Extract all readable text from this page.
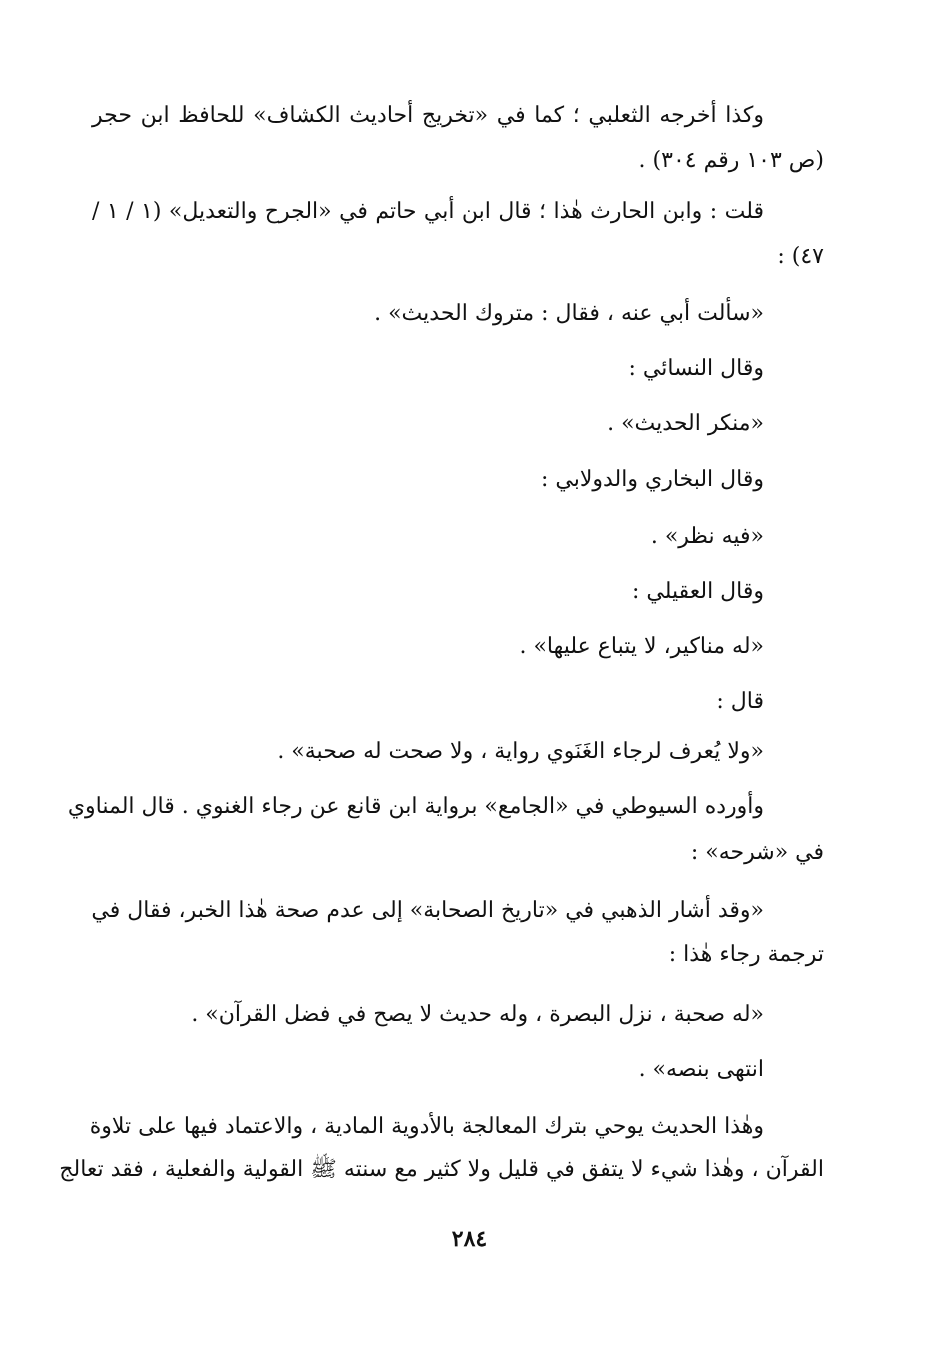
وكذا أخرجه الثعلبي ؛ كما في «تخريج أحاديث الكشاف» للحافظ ابن حجر
(ص ١٠٣ رقم ٣٠٤) .
قلت : وابن الحارث هٰذا ؛ قال ابن أبي حاتم في «الجرح والتعديل» (١ / ١ /
٤٧) :
«سألت أبي عنه ، فقال : متروك الحديث» .
وقال النسائي :
«منكر الحديث» .
وقال البخاري والدولابي :
«فيه نظر» .
وقال العقيلي :
«له مناكير، لا يتباع عليها» .
قال :
«ولا يُعرف لرجاء الغَنَوي رواية ، ولا صحت له صحبة» .
وأورده السيوطي في «الجامع» برواية ابن قانع عن رجاء الغنوي . قال المناوي
في «شرحه» :
«وقد أشار الذهبي في «تاريخ الصحابة» إلى عدم صحة هٰذا الخبر، فقال في
ترجمة رجاء هٰذا :
«له صحبة ، نزل البصرة ، وله حديث لا يصح في فضل القرآن» .
انتهى بنصه» .
وهٰذا الحديث يوحي بترك المعالجة بالأدوية المادية ، والاعتماد فيها على تلاوة
القرآن ، وهٰذا شيء لا يتفق في قليل ولا كثير مع سنته ﷺ القولية والفعلية ، فقد تعالج
٢٨٤
